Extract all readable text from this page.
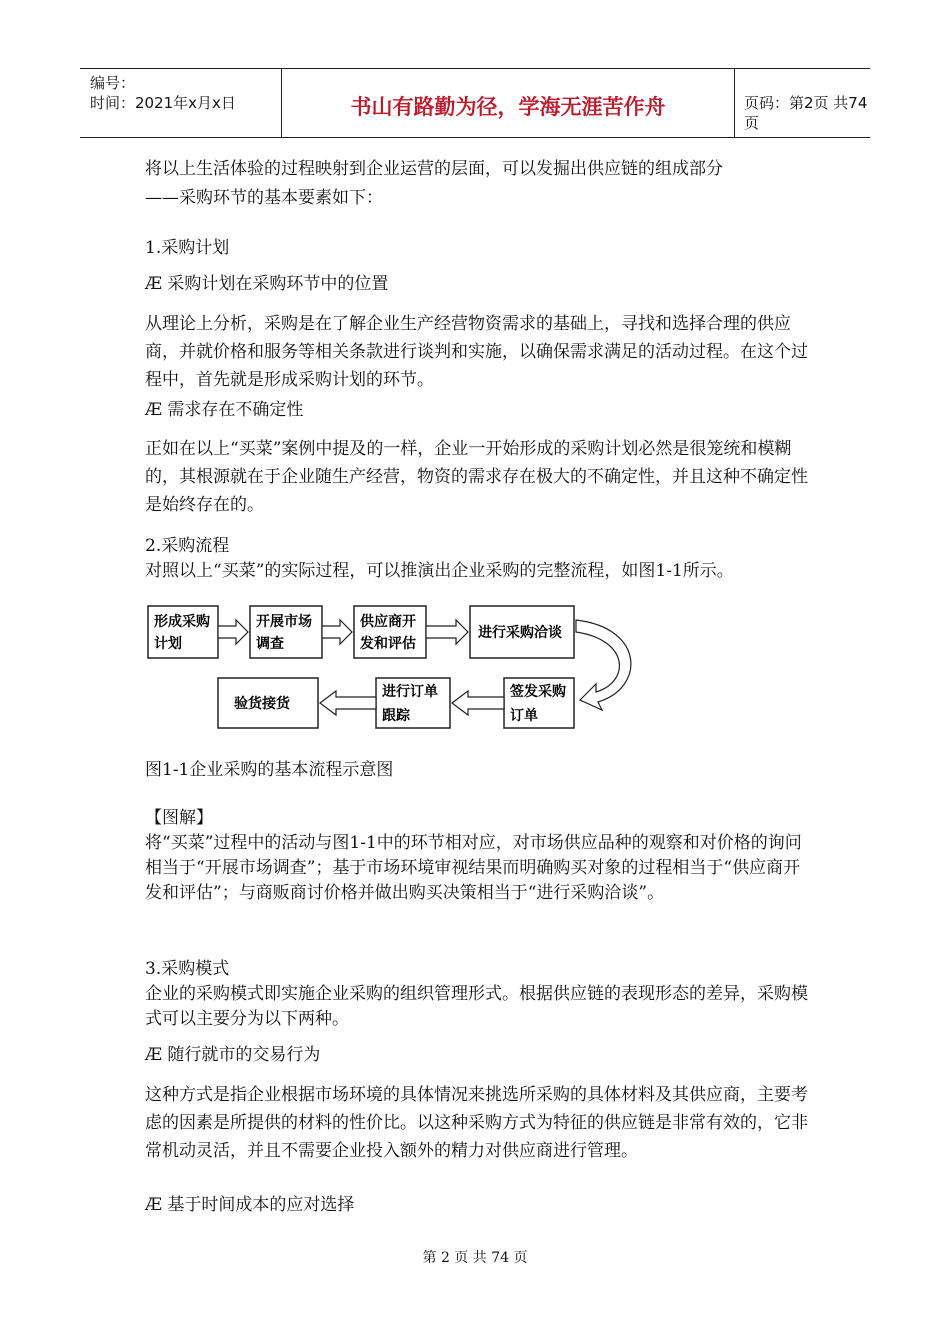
编号：
时间：2021年x月x日	书山有路勤为径，学海无涯苦作舟	页码：第2页 共74页
将以上生活体验的过程映射到企业运营的层面，可以发掘出供应链的组成部分
——采购环节的基本要素如下：
1.采购计划
Æ 采购计划在采购环节中的位置
从理论上分析，采购是在了解企业生产经营物资需求的基础上，寻找和选择合理的供应商，并就价格和服务等相关条款进行谈判和实施，以确保需求满足的活动过程。在这个过程中，首先就是形成采购计划的环节。
Æ 需求存在不确定性
正如在以上“买菜”案例中提及的一样，企业一开始形成的采购计划必然是很笼统和模糊的，其根源就在于企业随生产经营，物资的需求存在极大的不确定性，并且这种不确定性是始终存在的。
2.采购流程
对照以上“买菜”的实际过程，可以推演出企业采购的完整流程，如图1-1所示。
形成采购
计划
开展市场
调查
供应商开
发和评估
进行采购洽谈
签发采购
订单
进行订单
跟踪
验货接货
图1-1企业采购的基本流程示意图
【图解】
将“买菜”过程中的活动与图1-1中的环节相对应，对市场供应品种的观察和对价格的询问相当于“开展市场调查”；基于市场环境审视结果而明确购买对象的过程相当于“供应商开发和评估”；与商贩商讨价格并做出购买决策相当于“进行采购洽谈”。
3.采购模式
企业的采购模式即实施企业采购的组织管理形式。根据供应链的表现形态的差异，采购模式可以主要分为以下两种。
Æ 随行就市的交易行为
这种方式是指企业根据市场环境的具体情况来挑选所采购的具体材料及其供应商，主要考虑的因素是所提供的材料的性价比。以这种采购方式为特征的供应链是非常有效的，它非常机动灵活，并且不需要企业投入额外的精力对供应商进行管理。
Æ 基于时间成本的应对选择
第 2 页 共 74 页
